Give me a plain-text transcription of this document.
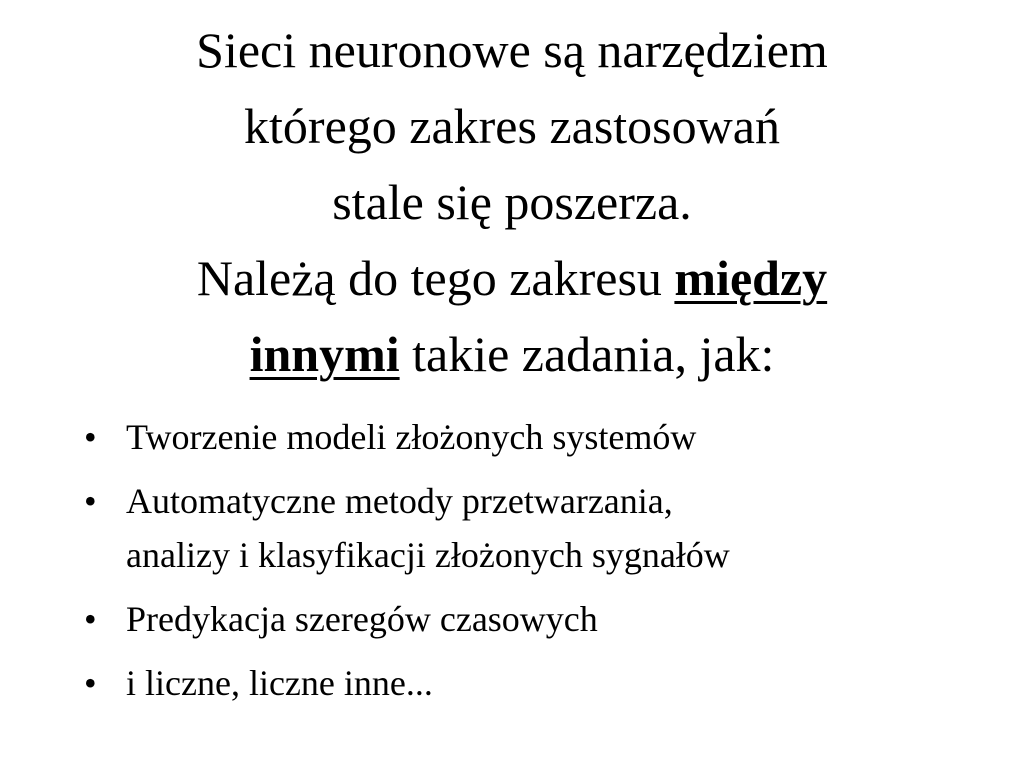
Sieci neuronowe są narzędziem
którego zakres zastosowań
stale się poszerza.
Należą do tego zakresu między
innymi takie zadania, jak:
• Tworzenie modeli złożonych systemów
• Automatyczne metody przetwarzania,
analizy i klasyfikacji złożonych sygnałów
• Predykacja szeregów czasowych
• i liczne, liczne inne...
